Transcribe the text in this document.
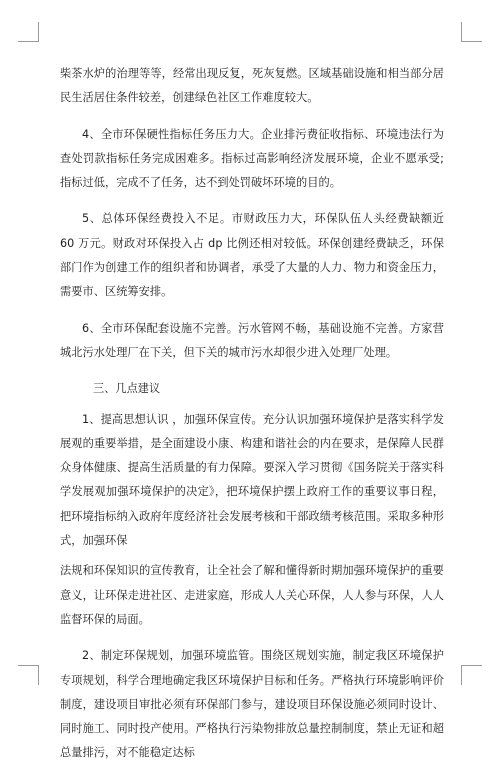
柴茶水炉的治理等等，经常出现反复，死灰复燃。区域基础设施和相当部分居民生活居住条件较差，创建绿色社区工作难度较大。

4、全市环保硬性指标任务压力大。企业排污费征收指标、环境违法行为查处罚款指标任务完成困难多。指标过高影响经济发展环境，企业不愿承受;指标过低，完成不了任务，达不到处罚破坏环境的目的。

5、总体环保经费投入不足。市财政压力大，环保队伍人头经费缺额近 60 万元。财政对环保投入占 dp 比例还相对较低。环保创建经费缺乏，环保部门作为创建工作的组织者和协调者，承受了大量的人力、物力和资金压力，需要市、区统筹安排。

6、全市环保配套设施不完善。污水管网不畅，基础设施不完善。方家营城北污水处理厂在下关，但下关的城市污水却很少进入处理厂处理。

三、几点建议

1、提高思想认识 ，加强环保宣传。充分认识加强环境保护是落实科学发展观的重要举措，是全面建设小康、构建和谐社会的内在要求，是保障人民群众身体健康、提高生活质量的有力保障。要深入学习贯彻《国务院关于落实科学发展观加强环境保护的决定》，把环境保护摆上政府工作的重要议事日程，把环境指标纳入政府年度经济社会发展考核和干部政绩考核范围。采取多种形式，加强环保

法规和环保知识的宣传教育，让全社会了解和懂得新时期加强环境保护的重要意义，让环保走进社区、走进家庭，形成人人关心环保，人人参与环保，人人监督环保的局面。

2、制定环保规划，加强环境监管。围绕区规划实施，制定我区环境保护专项规划，科学合理地确定我区环境保护目标和任务。严格执行环境影响评价制度，建设项目审批必须有环保部门参与，建设项目环保设施必须同时设计、同时施工、同时投产使用。严格执行污染物排放总量控制制度，禁止无证和超总量排污，对不能稳定达标
